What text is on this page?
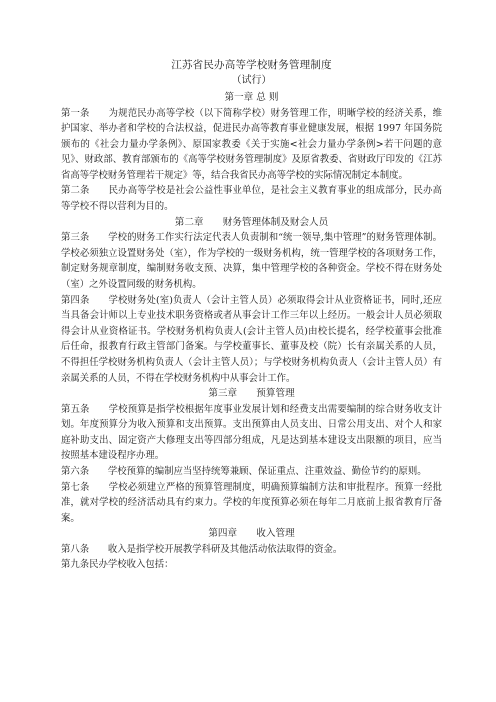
江苏省民办高等学校财务管理制度

（试行）

第一章 总 则

第一条　　为规范民办高等学校（以下简称学校）财务管理工作，明晰学校的经济关系，维护国家、举办者和学校的合法权益，促进民办高等教育事业健康发展，根据 1997 年国务院颁布的《社会力量办学条例》、原国家教委《关于实施<社会力量办学条例>若干问题的意见》、财政部、教育部颁布的《高等学校财务管理制度》及原省教委、省财政厅印发的《江苏省高等学校财务管理若干规定》等，结合我省民办高等学校的实际情况制定本制度。

第二条　　民办高等学校是社会公益性事业单位，是社会主义教育事业的组成部分，民办高等学校不得以营利为目的。

第二章　　财务管理体制及财会人员

第三条　　学校的财务工作实行法定代表人负责制和“统一领导,集中管理”的财务管理体制。学校必须独立设置财务处（室），作为学校的一级财务机构，统一管理学校的各项财务工作，制定财务规章制度，编制财务收支预、决算，集中管理学校的各种资金。学校不得在财务处（室）之外设置同级的财务机构。

第四条　　学校财务处(室)负责人（会计主管人员）必须取得会计从业资格证书，同时,还应当具备会计师以上专业技术职务资格或者从事会计工作三年以上经历。一般会计人员必须取得会计从业资格证书。学校财务机构负责人(会计主管人员)由校长提名，经学校董事会批准后任命，报教育行政主管部门备案。与学校董事长、董事及校（院）长有亲属关系的人员，不得担任学校财务机构负责人（会计主管人员）；与学校财务机构负责人（会计主管人员）有亲属关系的人员，不得在学校财务机构中从事会计工作。

第三章　　预算管理

第五条　　学校预算是指学校根据年度事业发展计划和经费支出需要编制的综合财务收支计划。年度预算分为收入预算和支出预算。支出预算由人员支出、日常公用支出、对个人和家庭补助支出、固定资产大修理支出等四部分组成，凡是达到基本建设支出限额的项目，应当按照基本建设程序办理。

第六条　　学校预算的编制应当坚持统筹兼顾、保证重点、注重效益、勤俭节约的原则。

第七条　　学校必须建立严格的预算管理制度，明确预算编制方法和审批程序。预算一经批准，就对学校的经济活动具有约束力。学校的年度预算必须在每年二月底前上报省教育厅备案。

第四章　　收入管理

第八条　　收入是指学校开展教学科研及其他活动依法取得的资金。

第九条民办学校收入包括：
